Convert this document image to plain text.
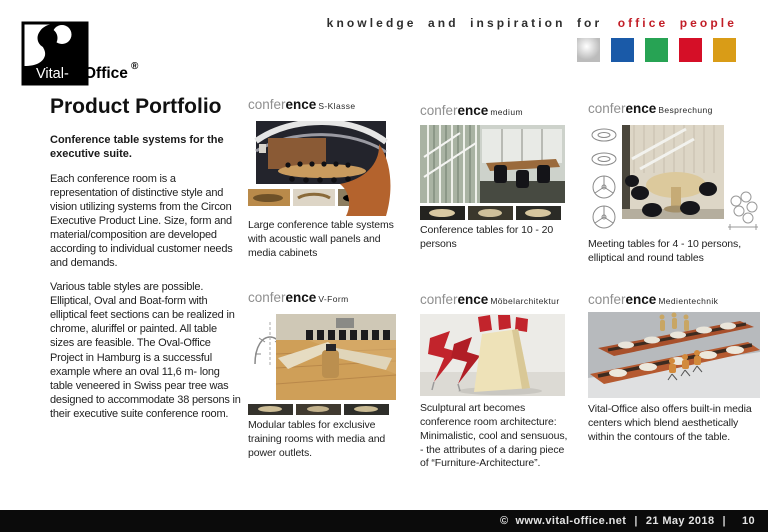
Vital- Office ®
knowledge and inspiration for office people
Product Portfolio
Conference table systems for the executive suite.

Each conference room is a representation of distinctive style and vision utilizing systems from the Circon Executive Product Line. Size, form and material/composition are developed according to individual customer needs and demands.

Various table styles are possible. Elliptical, Oval and Boat-form with elliptical feet sections can be realized in chrome, aluriffel or painted. All table sizes are feasible. The Oval-Office Project in Hamburg is a successful example where an oval 11,6 m- long table veneered in Swiss pear tree was designed to accommodate 38 persons in their executive suite conference room.

conference S-Klasse
Large conference table systems with acoustic wall panels and media cabinets
conference medium
Conference tables for 10 - 20 persons
conference Besprechung
Meeting tables for 4 - 10 persons, elliptical and round tables
conference V-Form
Modular tables for exclusive training rooms with media and power outlets.
conference Möbelarchitektur
Sculptural art becomes conference room architecture: Minimalistic, cool and sensuous, - the attributes of a daring piece of “Furniture-Architecture”.
conference Medientechnik
Vital-Office also offers built-in media centers which blend aesthetically within the contours of the table.
© www.vital-office.net | 21 May 2018 | 10
